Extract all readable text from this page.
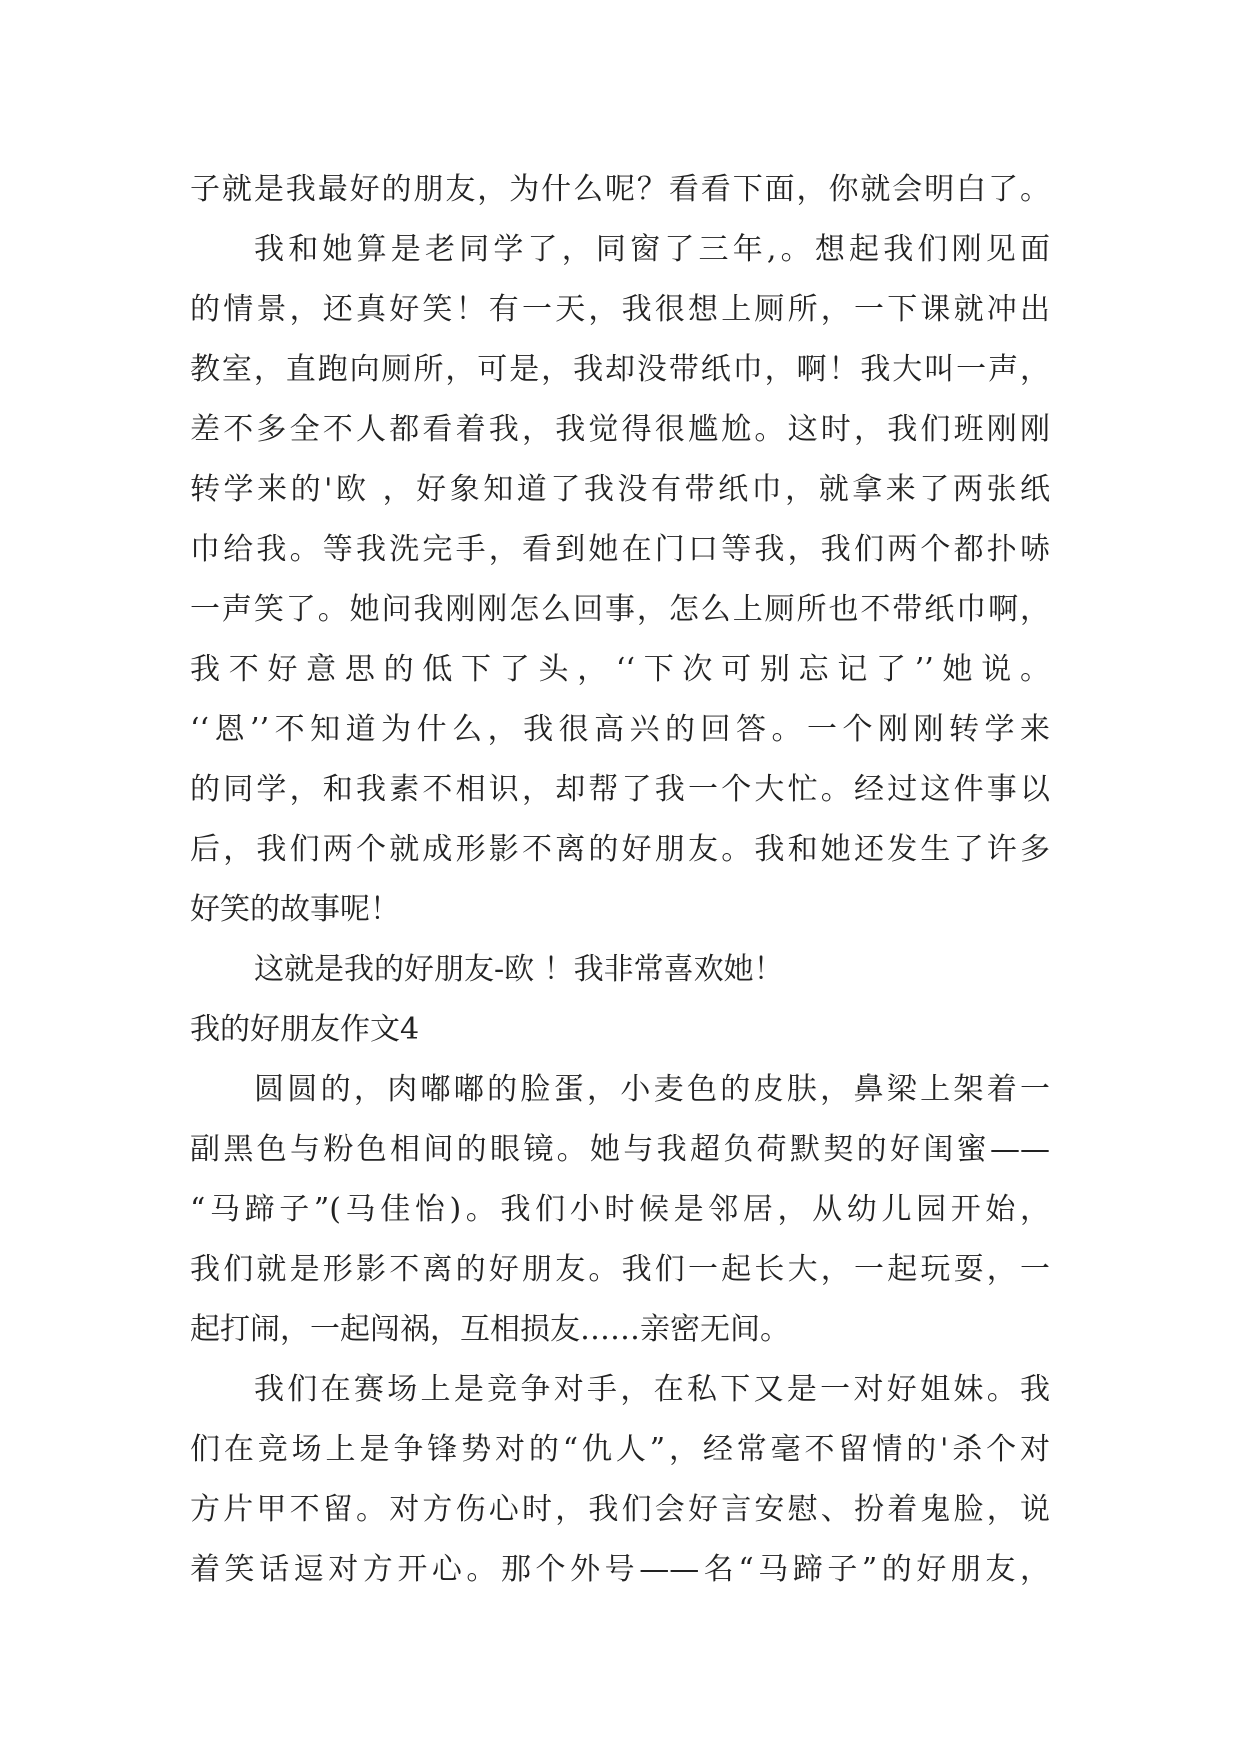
子就是我最好的朋友，为什么呢？看看下面，你就会明白了。
我和她算是老同学了，同窗了三年,。想起我们刚见面
的情景，还真好笑！有一天，我很想上厕所，一下课就冲出
教室，直跑向厕所，可是，我却没带纸巾，啊！我大叫一声，
差不多全不人都看着我，我觉得很尴尬。这时，我们班刚刚
转学来的'欧 ，好象知道了我没有带纸巾，就拿来了两张纸
巾给我。等我洗完手，看到她在门口等我，我们两个都扑哧
一声笑了。她问我刚刚怎么回事，怎么上厕所也不带纸巾啊，
我不好意思的低下了头，‘‘下次可别忘记了’’她说。
‘‘恩’’不知道为什么，我很高兴的回答。一个刚刚转学来
的同学，和我素不相识，却帮了我一个大忙。经过这件事以
后，我们两个就成形影不离的好朋友。我和她还发生了许多
好笑的故事呢！
这就是我的好朋友-欧 ！我非常喜欢她！
我的好朋友作文4
圆圆的，肉嘟嘟的脸蛋，小麦色的皮肤，鼻梁上架着一
副黑色与粉色相间的眼镜。她与我超负荷默契的好闺蜜——
“马蹄子”(马佳怡)。我们小时候是邻居，从幼儿园开始，
我们就是形影不离的好朋友。我们一起长大，一起玩耍，一
起打闹，一起闯祸，互相损友……亲密无间。
我们在赛场上是竞争对手，在私下又是一对好姐妹。我
们在竞场上是争锋势对的“仇人”，经常毫不留情的'杀个对
方片甲不留。对方伤心时，我们会好言安慰、扮着鬼脸，说
着笑话逗对方开心。那个外号——名“马蹄子”的好朋友，
